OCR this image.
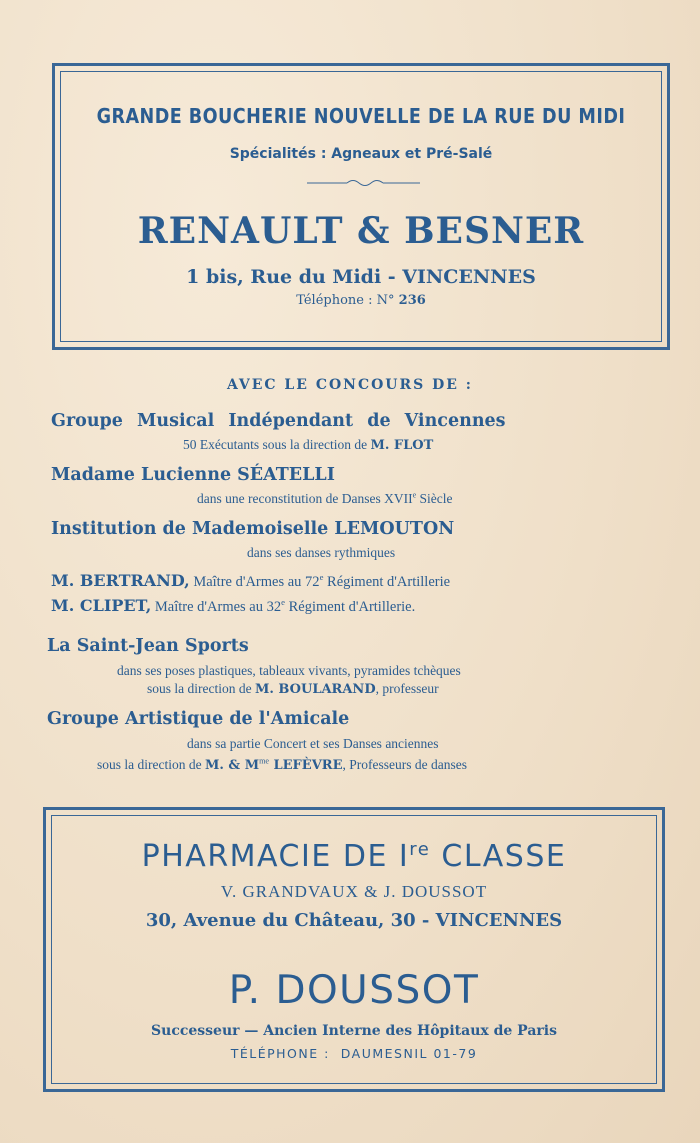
GRANDE BOUCHERIE NOUVELLE DE LA RUE DU MIDI
Spécialités : Agneaux et Pré-Salé
RENAULT & BESNER
1 bis, Rue du Midi - VINCENNES
Téléphone : N° 236
AVEC LE CONCOURS DE :
Groupe Musical Indépendant de Vincennes
50 Exécutants sous la direction de M. FLOT
Madame Lucienne SÉATELLI
dans une reconstitution de Danses XVIIe Siècle
Institution de Mademoiselle LEMOUTON
dans ses danses rythmiques
M. BERTRAND, Maître d'Armes au 72e Régiment d'Artillerie
M. CLIPET, Maître d'Armes au 32e Régiment d'Artillerie.
La Saint-Jean Sports
dans ses poses plastiques, tableaux vivants, pyramides tchèques
sous la direction de M. BOULARAND, professeur
Groupe Artistique de l'Amicale
dans sa partie Concert et ses Danses anciennes
sous la direction de M. & $M^{me}$ LEFÈVRE, Professeurs de danses
PHARMACIE DE Ire CLASSE
V. GRANDVAUX & J. DOUSSOT
30, Avenue du Château, 30 - VINCENNES
P. DOUSSOT
Successeur — Ancien Interne des Hôpitaux de Paris
TÉLÉPHONE :  DAUMESNIL 01-79
